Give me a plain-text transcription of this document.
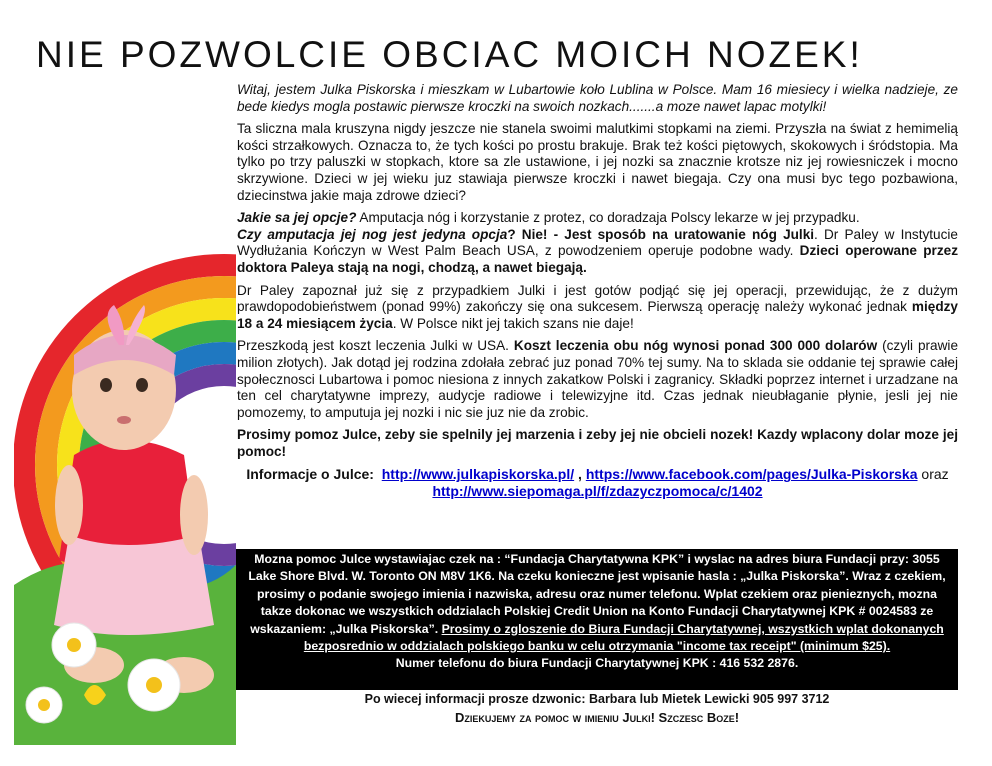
NIE POZWOLCIE OBCIAC MOICH NOZEK!

Witaj, jestem Julka Piskorska i mieszkam w Lubartowie koło Lublina w Polsce. Mam 16 miesiecy i wielka nadzieje, ze bede kiedys mogla postawic pierwsze kroczki na swoich nozkach.......a moze nawet lapac motylki!

Ta sliczna mala kruszyna nigdy jeszcze nie stanela swoimi malutkimi stopkami na ziemi. Przyszła na świat z hemimelią kości strzałkowych. Oznacza to, że tych kości po prostu brakuje. Brak też kości piętowych, skokowych i śródstopia. Ma tylko po trzy paluszki w stopkach, ktore sa zle ustawione, i jej nozki sa znacznie krotsze niz jej rowiesniczek i mocno skrzywione. Dzieci w jej wieku juz stawiaja pierwsze kroczki i nawet biegaja. Czy ona musi byc tego pozbawiona, dziecinstwa jakie maja zdrowe dzieci?

Jakie sa jej opcje? Amputacja nóg i korzystanie z protez, co doradzaja Polscy lekarze w jej przypadku.
Czy amputacja jej nog jest jedyna opcja? Nie! - Jest sposób na uratowanie nóg Julki. Dr Paley w Instytucie Wydłużania Kończyn w West Palm Beach USA, z powodzeniem operuje podobne wady. Dzieci operowane przez doktora Paleya stają na nogi, chodzą, a nawet biegają.

Dr Paley zapoznał już się z przypadkiem Julki i jest gotów podjąć się jej operacji, przewidując, że z dużym prawdopodobieństwem (ponad 99%) zakończy się ona sukcesem. Pierwszą operację należy wykonać jednak między 18 a 24 miesiącem życia. W Polsce nikt jej takich szans nie daje!

Przeszkodą jest koszt leczenia Julki w USA. Koszt leczenia obu nóg wynosi ponad 300 000 dolarów (czyli prawie milion złotych). Jak dotąd jej rodzina zdołała zebrać juz ponad 70% tej sumy. Na to sklada sie oddanie tej sprawie całej społecznosci Lubartowa i pomoc niesiona z innych zakatkow Polski i zagranicy. Składki poprzez internet i urzadzane na ten cel charytatywne imprezy, audycje radiowe i telewizyjne itd. Czas jednak nieubłaganie płynie, jesli jej nie pomozemy, to amputuja jej nozki i nic sie juz nie da zrobic.

Prosimy pomoz Julce, zeby sie spelnily jej marzenia i zeby jej nie obcieli nozek! Kazdy wplacony dolar moze jej pomoc!

Informacje o Julce: http://www.julkapiskorska.pl/ , https://www.facebook.com/pages/Julka-Piskorska oraz http://www.siepomaga.pl/f/zdazyczpomoca/c/1402

Mozna pomoc Julce wystawiajac czek na : “Fundacja Charytatywna KPK” i wyslac na adres biura Fundacji przy: 3055 Lake Shore Blvd. W. Toronto ON M8V 1K6. Na czeku konieczne jest wpisanie hasla : „Julka Piskorska”. Wraz z czekiem, prosimy o podanie swojego imienia i nazwiska, adresu oraz numer telefonu. Wplat czekiem oraz pienieznych, mozna takze dokonac we wszystkich oddzialach Polskiej Credit Union na Konto Fundacji Charytatywnej KPK # 0024583 ze wskazaniem: „Julka Piskorska”. Prosimy o zgloszenie do Biura Fundacji Charytatywnej, wszystkich wplat dokonanych bezposrednio w oddzialach polskiego banku w celu otrzymania "income tax receipt" (minimum $25).
Numer telefonu do biura Fundacji Charytatywnej KPK : 416 532 2876.
Po wiecej informacji prosze dzwonic: Barbara lub Mietek Lewicki 905 997 3712
Dziekujemy za pomoc w imieniu Julki! Szczesc Boze!
